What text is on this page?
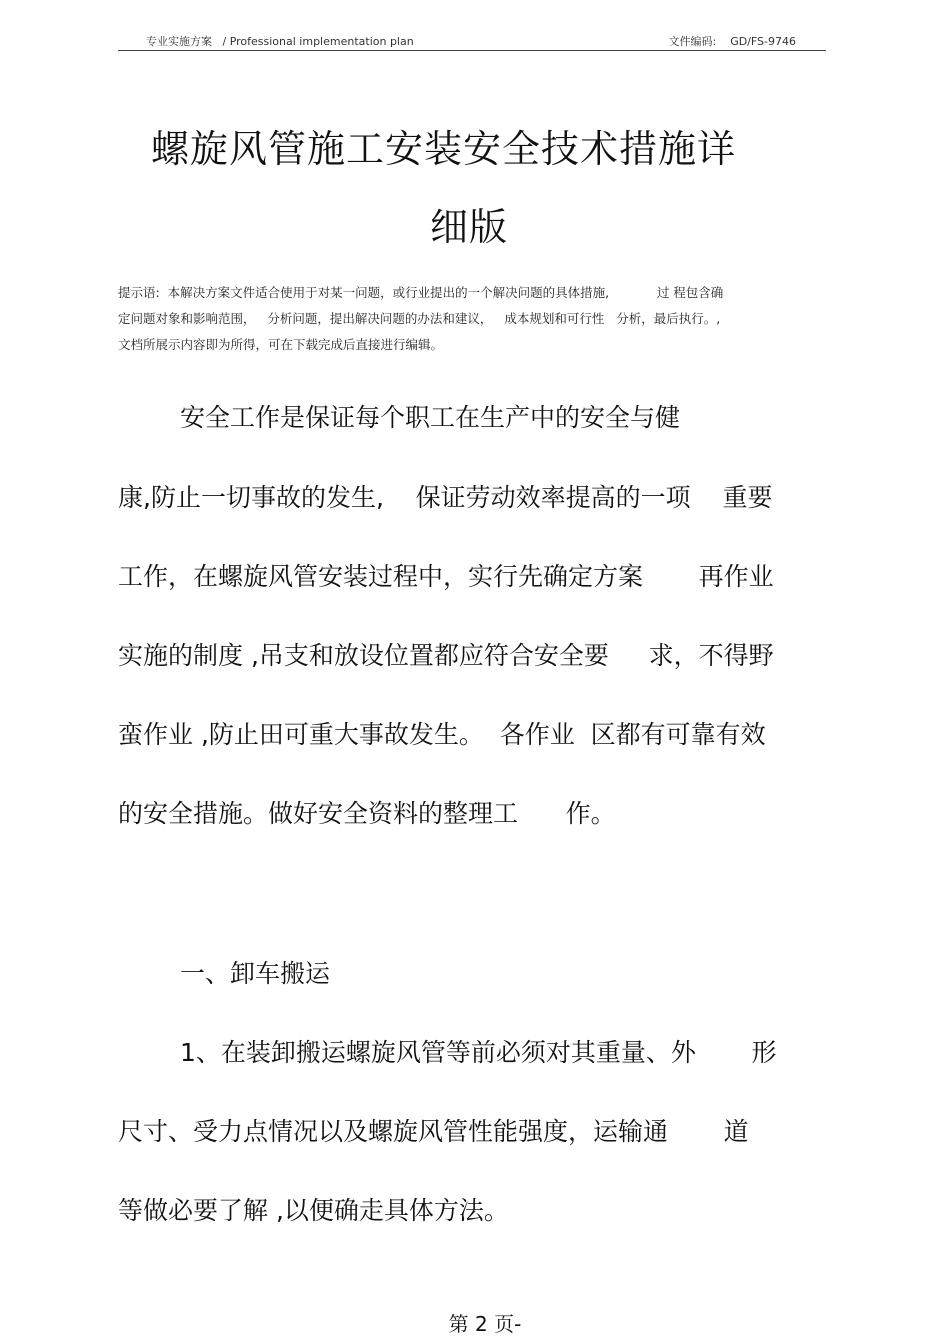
专业实施方案   / Professional implementation plan	文件编码:    GD/FS-9746
螺旋风管施工安装安全技术措施详
细版
提示语:  本解决方案文件适合使用于对某一问题，或行业提出的一个解决问题的具体措施,            过 程包含确
定问题对象和影响范围，   分析问题，提出解决问题的办法和建议，   成本规划和可行性   分析，最后执行。,
文档所展示内容即为所得，可在下载完成后直接进行编辑。
安全工作是保证每个职工在生产中的安全与健
康,防止一切事故的发生,    保证劳动效率提高的一项    重要
工作，在螺旋风管安装过程中，实行先确定方案       再作业
实施的制度 ,吊支和放设位置都应符合安全要     求，不得野
蛮作业 ,防止田可重大事故发生。  各作业  区都有可靠有效
的安全措施。做好安全资料的整理工      作。
一、卸车搬运
1、在装卸搬运螺旋风管等前必须对其重量、外       形
尺寸、受力点情况以及螺旋风管性能强度，运输通       道
等做必要了解 ,以便确走具体方法。
第 2 页-
